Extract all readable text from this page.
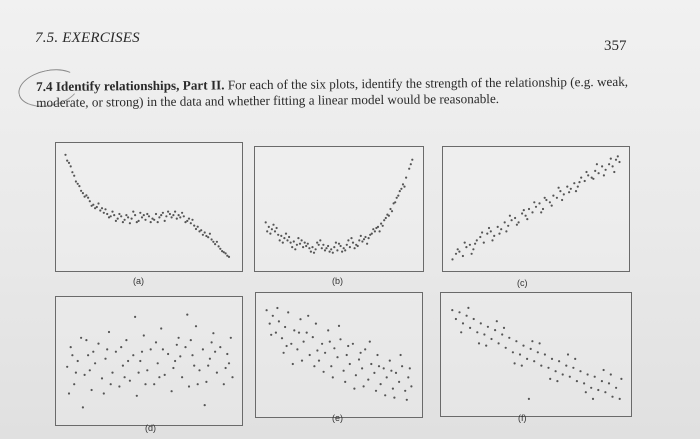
7.5. EXERCISES	357
7.4 Identify relationships, Part II. For each of the six plots, identify the strength of the relationship (e.g. weak, moderate, or strong) in the data and whether fitting a linear model would be reasonable.
(a)	(b)	(c)
(d)
(e)	(f)
